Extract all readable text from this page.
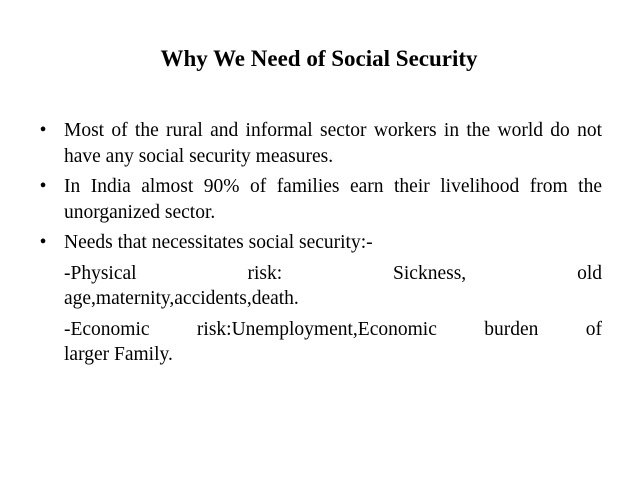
Why We Need of Social Security

• Most of the rural and informal sector workers in the world do not have any social security measures.

• In India almost 90% of families earn their livelihood from the unorganized sector.

• Needs that necessitates social security:-

-Physical risk: Sickness, old
age,maternity,accidents,death.
-Economic risk:Unemployment,Economic burden of
larger Family.
